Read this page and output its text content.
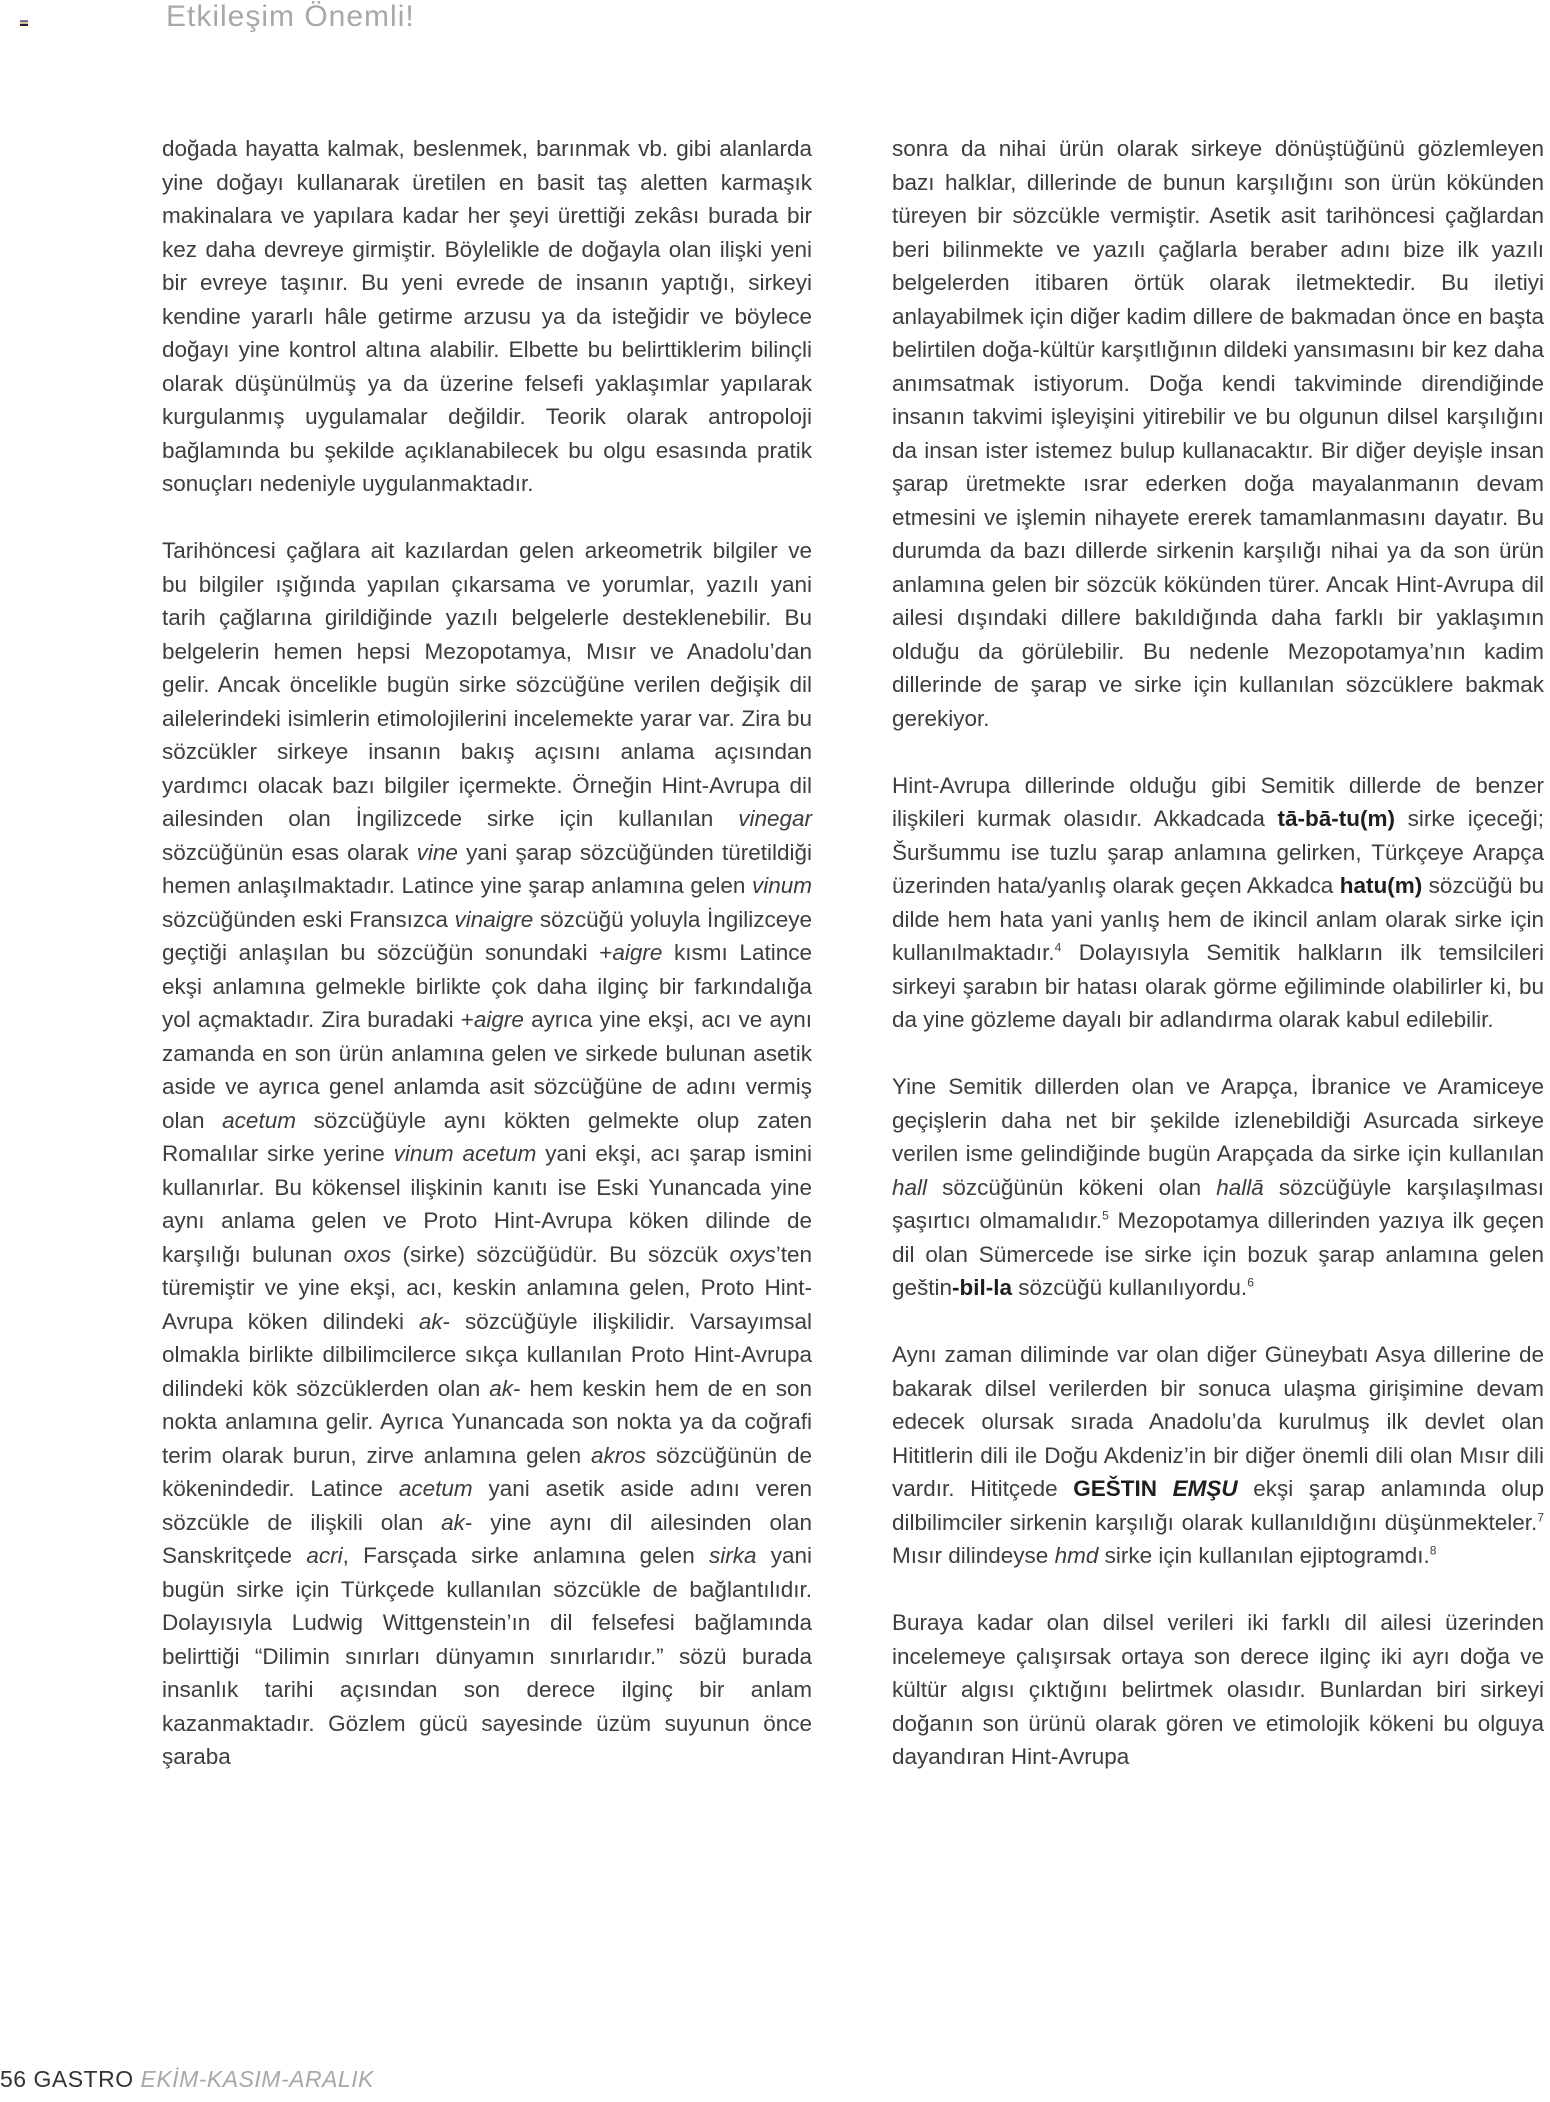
Etkileşim Önemli!

doğada hayatta kalmak, beslenmek, barınmak vb. gibi alanlarda yine doğayı kullanarak üretilen en basit taş aletten karmaşık makinalara ve yapılara kadar her şeyi ürettiği zekâsı burada bir kez daha devreye girmiştir. Böylelikle de doğayla olan ilişki yeni bir evreye taşınır. Bu yeni evrede de insanın yaptığı, sirkeyi kendine yararlı hâle getirme arzusu ya da isteğidir ve böylece doğayı yine kontrol altına alabilir. Elbette bu belirttiklerim bilinçli olarak düşünülmüş ya da üzerine felsefi yaklaşımlar yapılarak kurgulanmış uygulamalar değildir. Teorik olarak antropoloji bağlamında bu şekilde açıklanabilecek bu olgu esasında pratik sonuçları nedeniyle uygulanmaktadır.

Tarihöncesi çağlara ait kazılardan gelen arkeometrik bilgiler ve bu bilgiler ışığında yapılan çıkarsama ve yorumlar, yazılı yani tarih çağlarına girildiğinde yazılı belgelerle desteklenebilir. Bu belgelerin hemen hepsi Mezopotamya, Mısır ve Anadolu’dan gelir. Ancak öncelikle bugün sirke sözcüğüne verilen değişik dil ailelerindeki isimlerin etimolojilerini incelemekte yarar var. Zira bu sözcükler sirkeye insanın bakış açısını anlama açısından yardımcı olacak bazı bilgiler içermekte. Örneğin Hint-Avrupa dil ailesinden olan İngilizcede sirke için kullanılan vinegar sözcüğünün esas olarak vine yani şarap sözcüğünden türetildiği hemen anlaşılmaktadır. Latince yine şarap anlamına gelen vinum sözcüğünden eski Fransızca vinaigre sözcüğü yoluyla İngilizceye geçtiği anlaşılan bu sözcüğün sonundaki +aigre kısmı Latince ekşi anlamına gelmekle birlikte çok daha ilginç bir farkındalığa yol açmaktadır. Zira buradaki +aigre ayrıca yine ekşi, acı ve aynı zamanda en son ürün anlamına gelen ve sirkede bulunan asetik aside ve ayrıca genel anlamda asit sözcüğüne de adını vermiş olan acetum sözcüğüyle aynı kökten gelmekte olup zaten Romalılar sirke yerine vinum acetum yani ekşi, acı şarap ismini kullanırlar. Bu kökensel ilişkinin kanıtı ise Eski Yunancada yine aynı anlama gelen ve Proto Hint-Avrupa köken dilinde de karşılığı bulunan oxos (sirke) sözcüğüdür. Bu sözcük oxys’ten türemiştir ve yine ekşi, acı, keskin anlamına gelen, Proto Hint-Avrupa köken dilindeki ak- sözcüğüyle ilişkilidir. Varsayımsal olmakla birlikte dilbilimcilerce sıkça kullanılan Proto Hint-Avrupa dilindeki kök sözcüklerden olan ak- hem keskin hem de en son nokta anlamına gelir. Ayrıca Yunancada son nokta ya da coğrafi terim olarak burun, zirve anlamına gelen akros sözcüğünün de kökenindedir. Latince acetum yani asetik aside adını veren sözcükle de ilişkili olan ak- yine aynı dil ailesinden olan Sanskritçede acri, Farsçada sirke anlamına gelen sirka yani bugün sirke için Türkçede kullanılan sözcükle de bağlantılıdır. Dolayısıyla Ludwig Wittgenstein’ın dil felsefesi bağlamında belirttiği “Dilimin sınırları dünyamın sınırlarıdır.” sözü burada insanlık tarihi açısından son derece ilginç bir anlam kazanmaktadır. Gözlem gücü sayesinde üzüm suyunun önce şaraba

sonra da nihai ürün olarak sirkeye dönüştüğünü gözlemleyen bazı halklar, dillerinde de bunun karşılığını son ürün kökünden türeyen bir sözcükle vermiştir. Asetik asit tarihöncesi çağlardan beri bilinmekte ve yazılı çağlarla beraber adını bize ilk yazılı belgelerden itibaren örtük olarak iletmektedir. Bu iletiyi anlayabilmek için diğer kadim dillere de bakmadan önce en başta belirtilen doğa-kültür karşıtlığının dildeki yansımasını bir kez daha anımsatmak istiyorum. Doğa kendi takviminde direndiğinde insanın takvimi işleyişini yitirebilir ve bu olgunun dilsel karşılığını da insan ister istemez bulup kullanacaktır. Bir diğer deyişle insan şarap üretmekte ısrar ederken doğa mayalanmanın devam etmesini ve işlemin nihayete ererek tamamlanmasını dayatır. Bu durumda da bazı dillerde sirkenin karşılığı nihai ya da son ürün anlamına gelen bir sözcük kökünden türer. Ancak Hint-Avrupa dil ailesi dışındaki dillere bakıldığında daha farklı bir yaklaşımın olduğu da görülebilir. Bu nedenle Mezopotamya’nın kadim dillerinde de şarap ve sirke için kullanılan sözcüklere bakmak gerekiyor.

Hint-Avrupa dillerinde olduğu gibi Semitik dillerde de benzer ilişkileri kurmak olasıdır. Akkadcada tā-bā-tu(m) sirke içeceği; Šuršummu ise tuzlu şarap anlamına gelirken, Türkçeye Arapça üzerinden hata/yanlış olarak geçen Akkadca hatu(m) sözcüğü bu dilde hem hata yani yanlış hem de ikincil anlam olarak sirke için kullanılmaktadır.$^4$ Dolayısıyla Semitik halkların ilk temsilcileri sirkeyi şarabın bir hatası olarak görme eğiliminde olabilirler ki, bu da yine gözleme dayalı bir adlandırma olarak kabul edilebilir.

Yine Semitik dillerden olan ve Arapça, İbranice ve Aramiceye geçişlerin daha net bir şekilde izlenebildiği Asurcada sirkeye verilen isme gelindiğinde bugün Arapçada da sirke için kullanılan hall sözcüğünün kökeni olan hallā sözcüğüyle karşılaşılması şaşırtıcı olmamalıdır.$^5$ Mezopotamya dillerinden yazıya ilk geçen dil olan Sümercede ise sirke için bozuk şarap anlamına gelen geštin-bil-la sözcüğü kullanılıyordu.$^6$

Aynı zaman diliminde var olan diğer Güneybatı Asya dillerine de bakarak dilsel verilerden bir sonuca ulaşma girişimine devam edecek olursak sırada Anadolu’da kurulmuş ilk devlet olan Hititlerin dili ile Doğu Akdeniz’in bir diğer önemli dili olan Mısır dili vardır. Hititçede GEŠTIN EMŞU ekşi şarap anlamında olup dilbilimciler sirkenin karşılığı olarak kullanıldığını düşünmekteler.$^7$ Mısır dilindeyse hmd sirke için kullanılan ejiptogramdı.$^8$

Buraya kadar olan dilsel verileri iki farklı dil ailesi üzerinden incelemeye çalışırsak ortaya son derece ilginç iki ayrı doğa ve kültür algısı çıktığını belirtmek olasıdır. Bunlardan biri sirkeyi doğanın son ürünü olarak gören ve etimolojik kökeni bu olguya dayandıran Hint-Avrupa

56 GASTRO EKİM-KASIM-ARALIK
